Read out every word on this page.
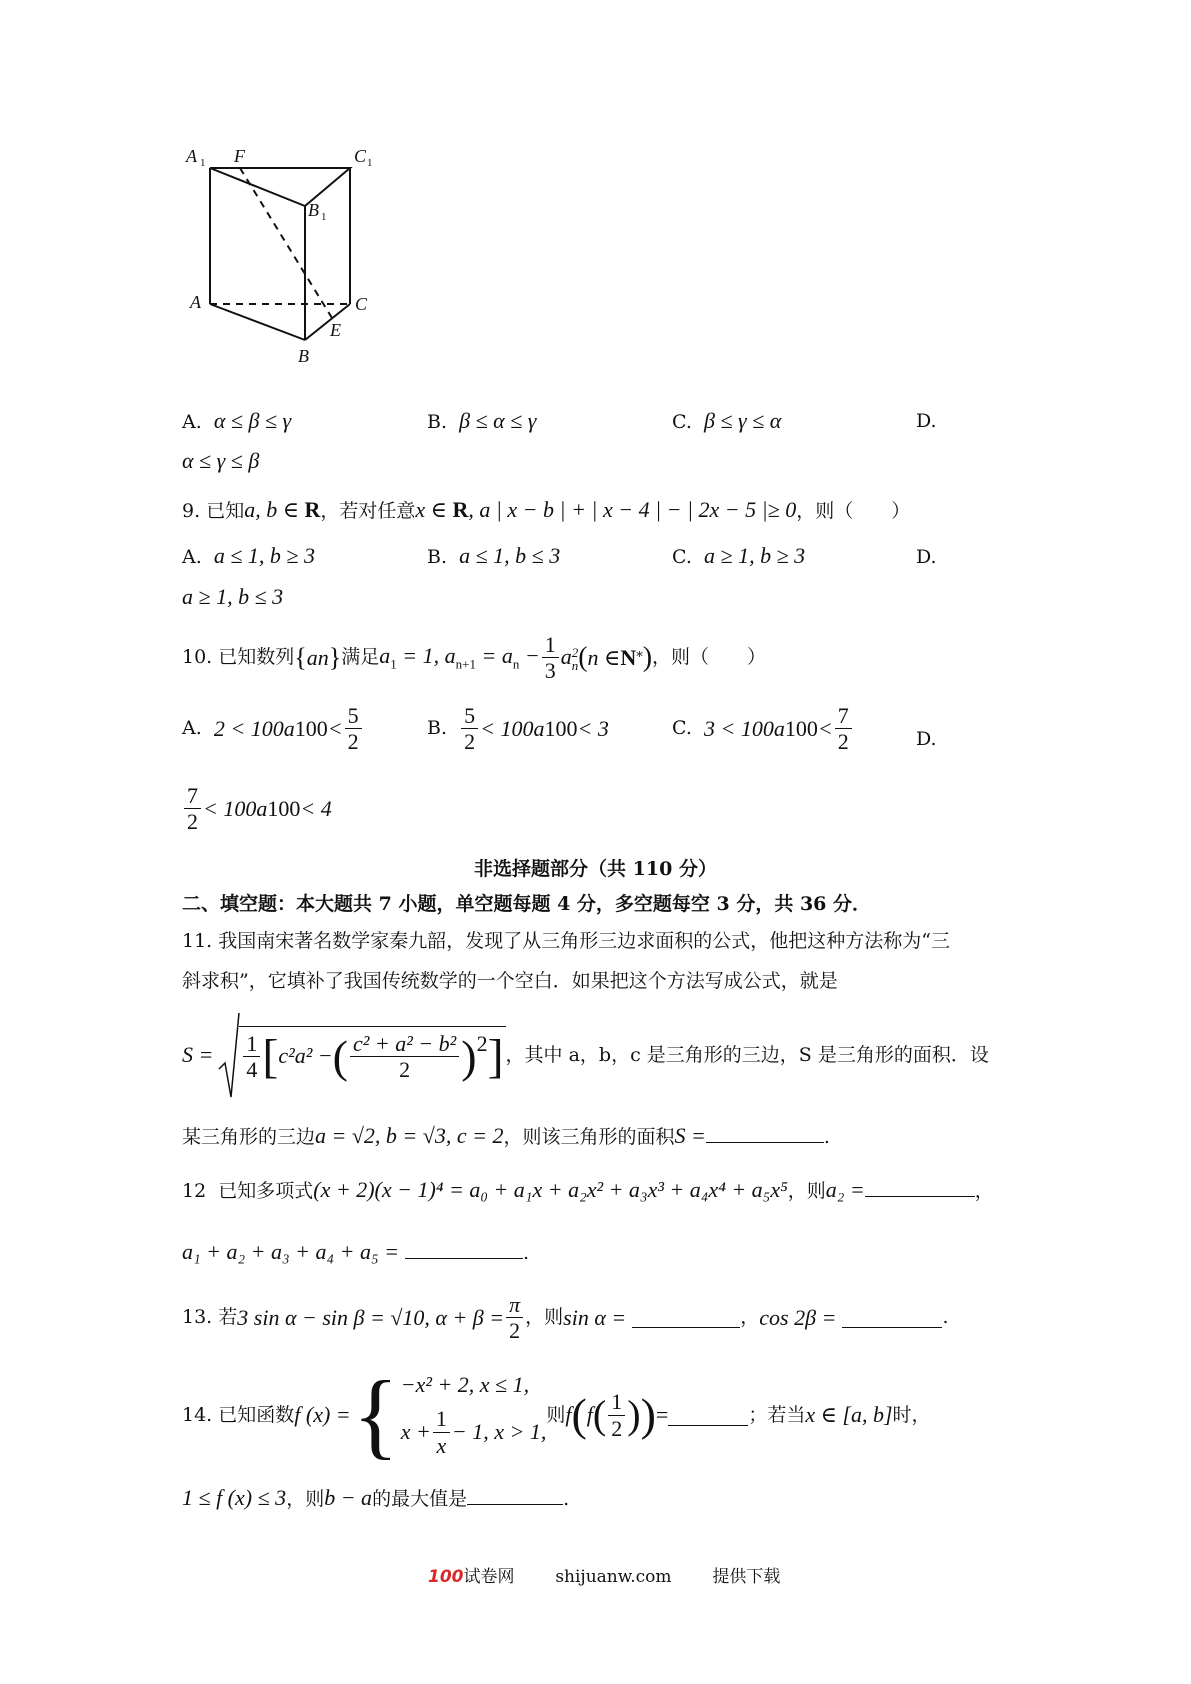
A 1 F	C 1
B 1
A	C
E
B
A. α ≤ β ≤ γ	B. β ≤ α ≤ γ	C. β ≤ γ ≤ α	D.
α ≤ γ ≤ β
9. 已知a, b ∈ R，若对任意x ∈ R, a | x − b | + | x − 4 | − | 2x − 5 |≥ 0，则（　　）
A. a ≤ 1, b ≥ 3	B. a ≤ 1, b ≤ 3	C. a ≥ 1, b ≥ 3	D.
a ≥ 1, b ≤ 3
10.
已知数列 { a n } 满足 $a_1 = 1$, $a_{n+1} = a_n - \frac{1}{3}$ a 2
n ( n ∈ N * ) ，则（　　）
A.
2 < 100a $100 < \frac{5}{2}$	B.
$\frac{5}{2} < 100a$ 100 < 3	C.
3 < 100a $100 < \frac{7}{2}$	D.
$\frac{7}{2} < 100a$ 100 < 4
非选择题部分（共 110 分）
二、填空题：本大题共 7 小题，单空题每题 4 分，多空题每空 3 分，共 36 分．
11. 我国南宋著名数学家秦九韶，发现了从三角形三边求面积的公式，他把这种方法称为“三
斜求积”，它填补了我国传统数学的一个空白．如果把这个方法写成公式，就是
$S = \frac{1}{4}$ [ c²a² − ( $\frac{\text{c² + a² − b²}}{2}$ ) 2 ] ，其中 a，b，c 是三角形的三边，S 是三角形的面积．设
某三角形的三边a = √2, b = √3, c = 2，则该三角形的面积S =	.
12 已知多项式(x + 2)(x − 1)⁴ = a₀ + a₁x + a₂x² + a₃x³ + a₄x⁴ + a₅x⁵，则a₂ =	，
a₁ + a₂ + a₃ + a₄ + a₅ =	.
13.
若 3 sin α − sin β = √10, $\alpha + \beta = \frac{\pi}{2}$ ，则 sin α =
	， cos 2β =
	.
14.
已知函数 f (x) = { −x² + 2, x ≤ 1,
$x + \frac{1}{x} - 1$, x > 1,
则 f ( f ( $\frac{1}{2}$ ) ) =	；若当 x ∈ [a, b] 时，
1 ≤ f (x) ≤ 3，则b − a的最大值是	.
100试卷网 shijuanw.com 提供下载
